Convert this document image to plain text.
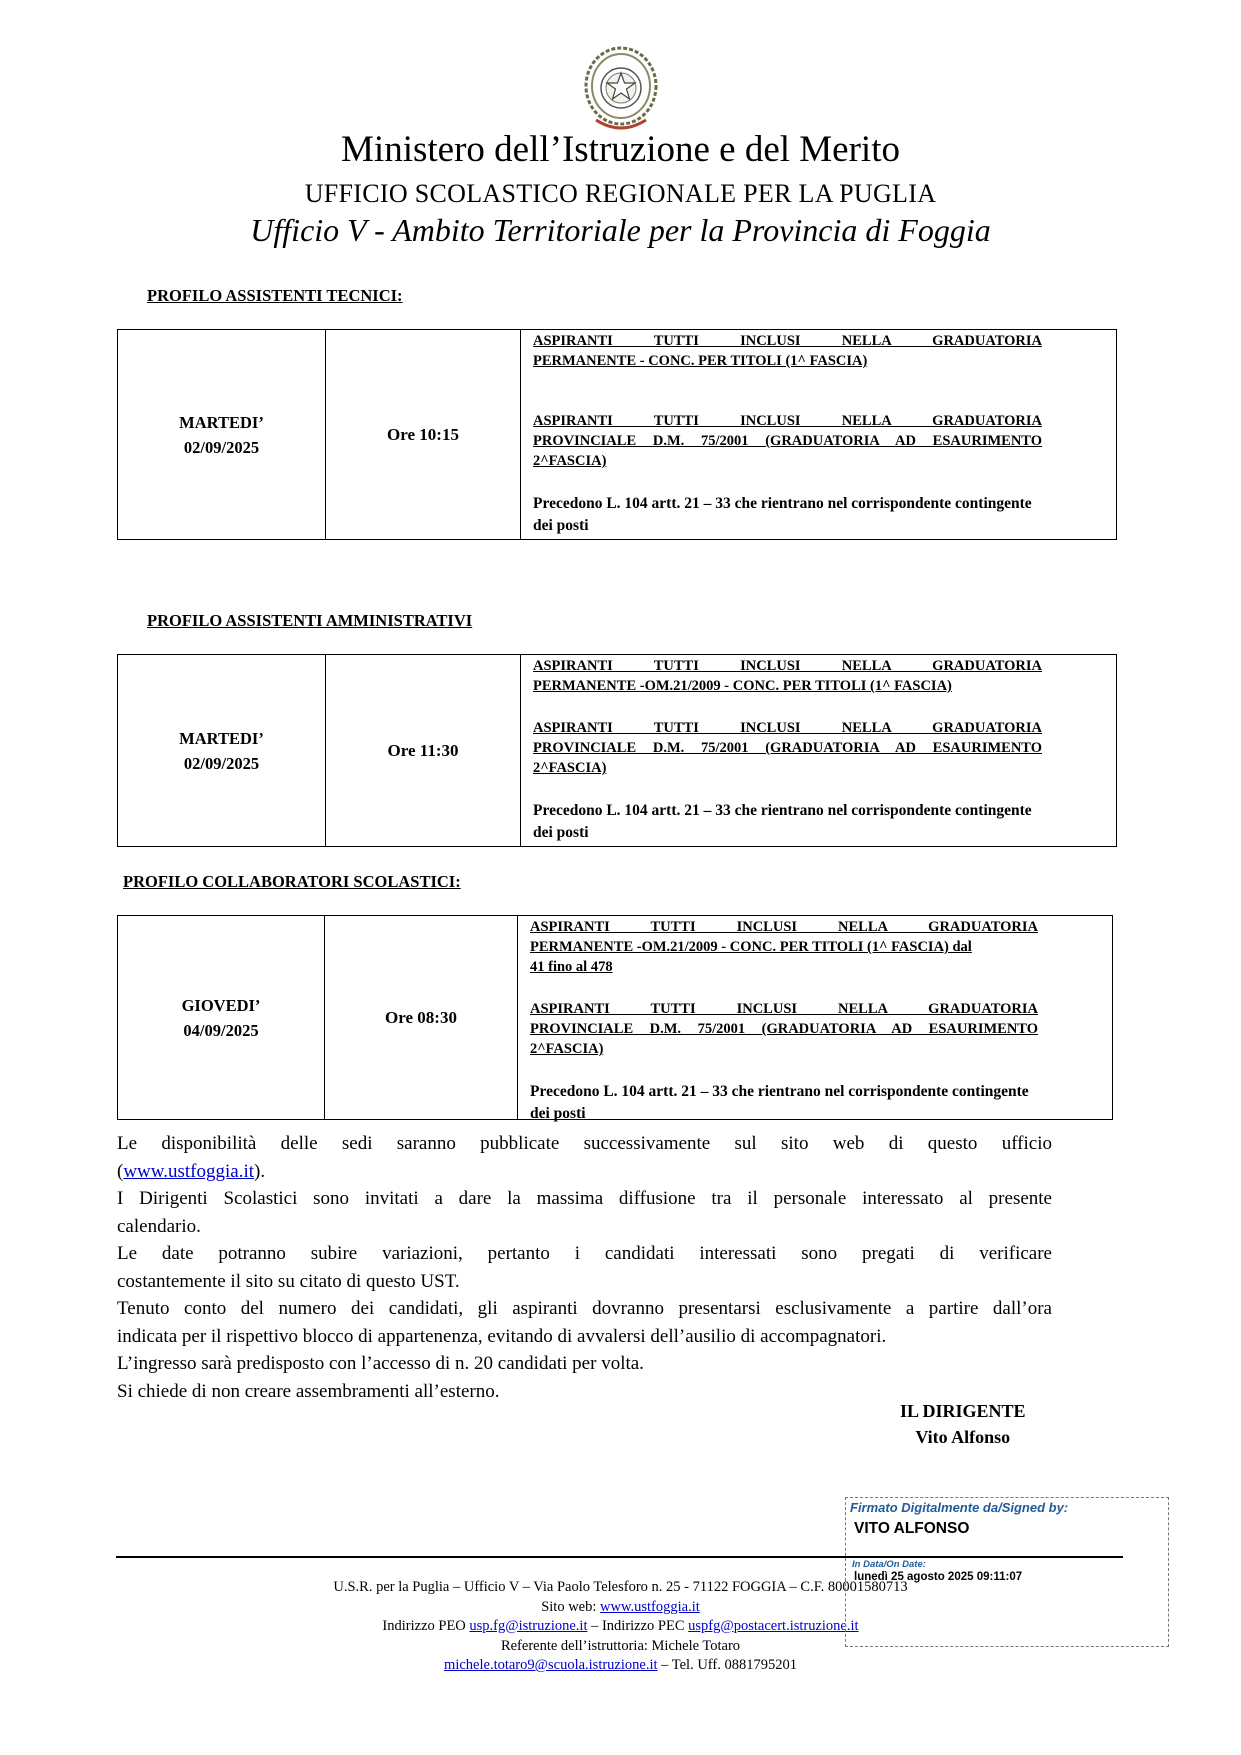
Ministero dell’Istruzione e del Merito
UFFICIO SCOLASTICO REGIONALE PER LA PUGLIA
Ufficio V - Ambito Territoriale per la Provincia di Foggia
PROFILO ASSISTENTI TECNICI:
MARTEDI’
02/09/2025
Ore 10:15
ASPIRANTI TUTTI INCLUSI NELLA GRADUATORIA
PERMANENTE - CONC. PER TITOLI (1^ FASCIA)
ASPIRANTI TUTTI INCLUSI NELLA GRADUATORIA
PROVINCIALE D.M. 75/2001 (GRADUATORIA AD ESAURIMENTO
2^FASCIA)
Precedono L. 104 artt. 21 – 33 che rientrano nel corrispondente contingente dei posti
PROFILO ASSISTENTI AMMINISTRATIVI
MARTEDI’
02/09/2025
Ore 11:30
ASPIRANTI TUTTI INCLUSI NELLA GRADUATORIA
PERMANENTE -OM.21/2009 - CONC. PER TITOLI (1^ FASCIA)
ASPIRANTI TUTTI INCLUSI NELLA GRADUATORIA
PROVINCIALE D.M. 75/2001 (GRADUATORIA AD ESAURIMENTO
2^FASCIA)
Precedono L. 104 artt. 21 – 33 che rientrano nel corrispondente contingente dei posti
PROFILO COLLABORATORI SCOLASTICI:
GIOVEDI’
04/09/2025
Ore 08:30
ASPIRANTI TUTTI INCLUSI NELLA GRADUATORIA
PERMANENTE -OM.21/2009 - CONC. PER TITOLI (1^ FASCIA) dal
41 fino al 478
ASPIRANTI TUTTI INCLUSI NELLA GRADUATORIA
PROVINCIALE D.M. 75/2001 (GRADUATORIA AD ESAURIMENTO
2^FASCIA)
Precedono L. 104 artt. 21 – 33 che rientrano nel corrispondente contingente dei posti

Le disponibilità delle sedi saranno pubblicate successivamente sul sito web di questo ufficio
(www.ustfoggia.it).

I Dirigenti Scolastici sono invitati a dare la massima diffusione tra il personale interessato al presente
calendario.

Le date potranno subire variazioni, pertanto i candidati interessati sono pregati di verificare
costantemente il sito su citato di questo UST.

Tenuto conto del numero dei candidati, gli aspiranti dovranno presentarsi esclusivamente a partire dall’ora
indicata per il rispettivo blocco di appartenenza, evitando di avvalersi dell’ausilio di accompagnatori.

L’ingresso sarà predisposto con l’accesso di n. 20 candidati per volta.

Si chiede di non creare assembramenti all’esterno.

IL DIRIGENTE
Vito Alfonso
U.S.R. per la Puglia – Ufficio V – Via Paolo Telesforo n. 25 - 71122 FOGGIA – C.F. 80001580713
Sito web: www.ustfoggia.it
Indirizzo PEO usp.fg@istruzione.it – Indirizzo PEC uspfg@postacert.istruzione.it
Referente dell’istruttoria: Michele Totaro
michele.totaro9@scuola.istruzione.it – Tel. Uff. 0881795201
Firmato Digitalmente da/Signed by:
VITO ALFONSO
In Data/On Date:
lunedì 25 agosto 2025 09:11:07
